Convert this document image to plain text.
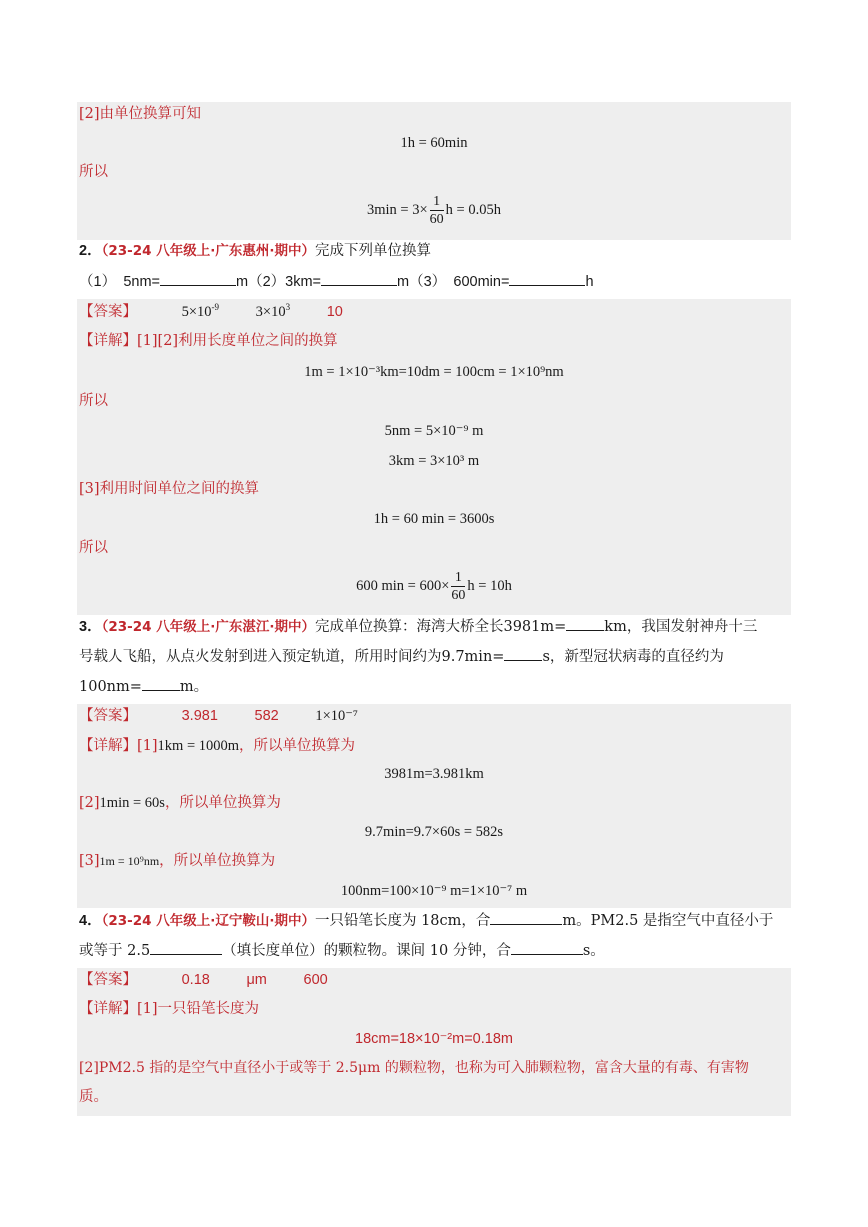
[2]由单位换算可知
1h = 60min
所以
$3\min = 3\times \frac{1}{60}$ h = 0.05h
2．（23-24 八年级上·广东惠州·期中）完成下列单位换算
（1）　5nm=	m（2）3km=	m（3）　600min=	h
【答案】	$5\times 10^{-9}$	$3\times 10^3$	10
【详解】[1][2]利用长度单位之间的换算
1m = 1×10⁻³km=10dm = 100cm = 1×10⁹nm
所以
5nm = 5×10⁻⁹ m
3km = 3×10³ m
[3]利用时间单位之间的换算
1h = 60 min = 3600s
所以
600 $\min = 600\times \frac{1}{60}$ h = 10h
3．（23-24 八年级上·广东湛江·期中）完成单位换算：海湾大桥全长3981m=	km，我国发射神舟十三
号载人飞船，从点火发射到进入预定轨道，所用时间约为9.7min=	s，新型冠状病毒的直径约为
100nm=	m。
【答案】	3.981	582	1×10⁻⁷
【详解】[1]1km = 1000m，所以单位换算为
3981m=3.981km
[2]1min = 60s，所以单位换算为
9.7min=9.7×60s = 582s
[3]1m = 10⁹nm，所以单位换算为
100nm=100×10⁻⁹ m=1×10⁻⁷ m
4．（23-24 八年级上·辽宁鞍山·期中）一只铅笔长度为 18cm，合	m。PM2.5 是指空气中直径小于
或等于 2.5	（填长度单位）的颗粒物。课间 10 分钟，合	s。
【答案】	0.18	μm	600
【详解】[1]一只铅笔长度为
18cm=18×10⁻²m=0.18m
[2]PM2.5 指的是空气中直径小于或等于 2.5μm 的颗粒物，也称为可入肺颗粒物，富含大量的有毒、有害物
质。
